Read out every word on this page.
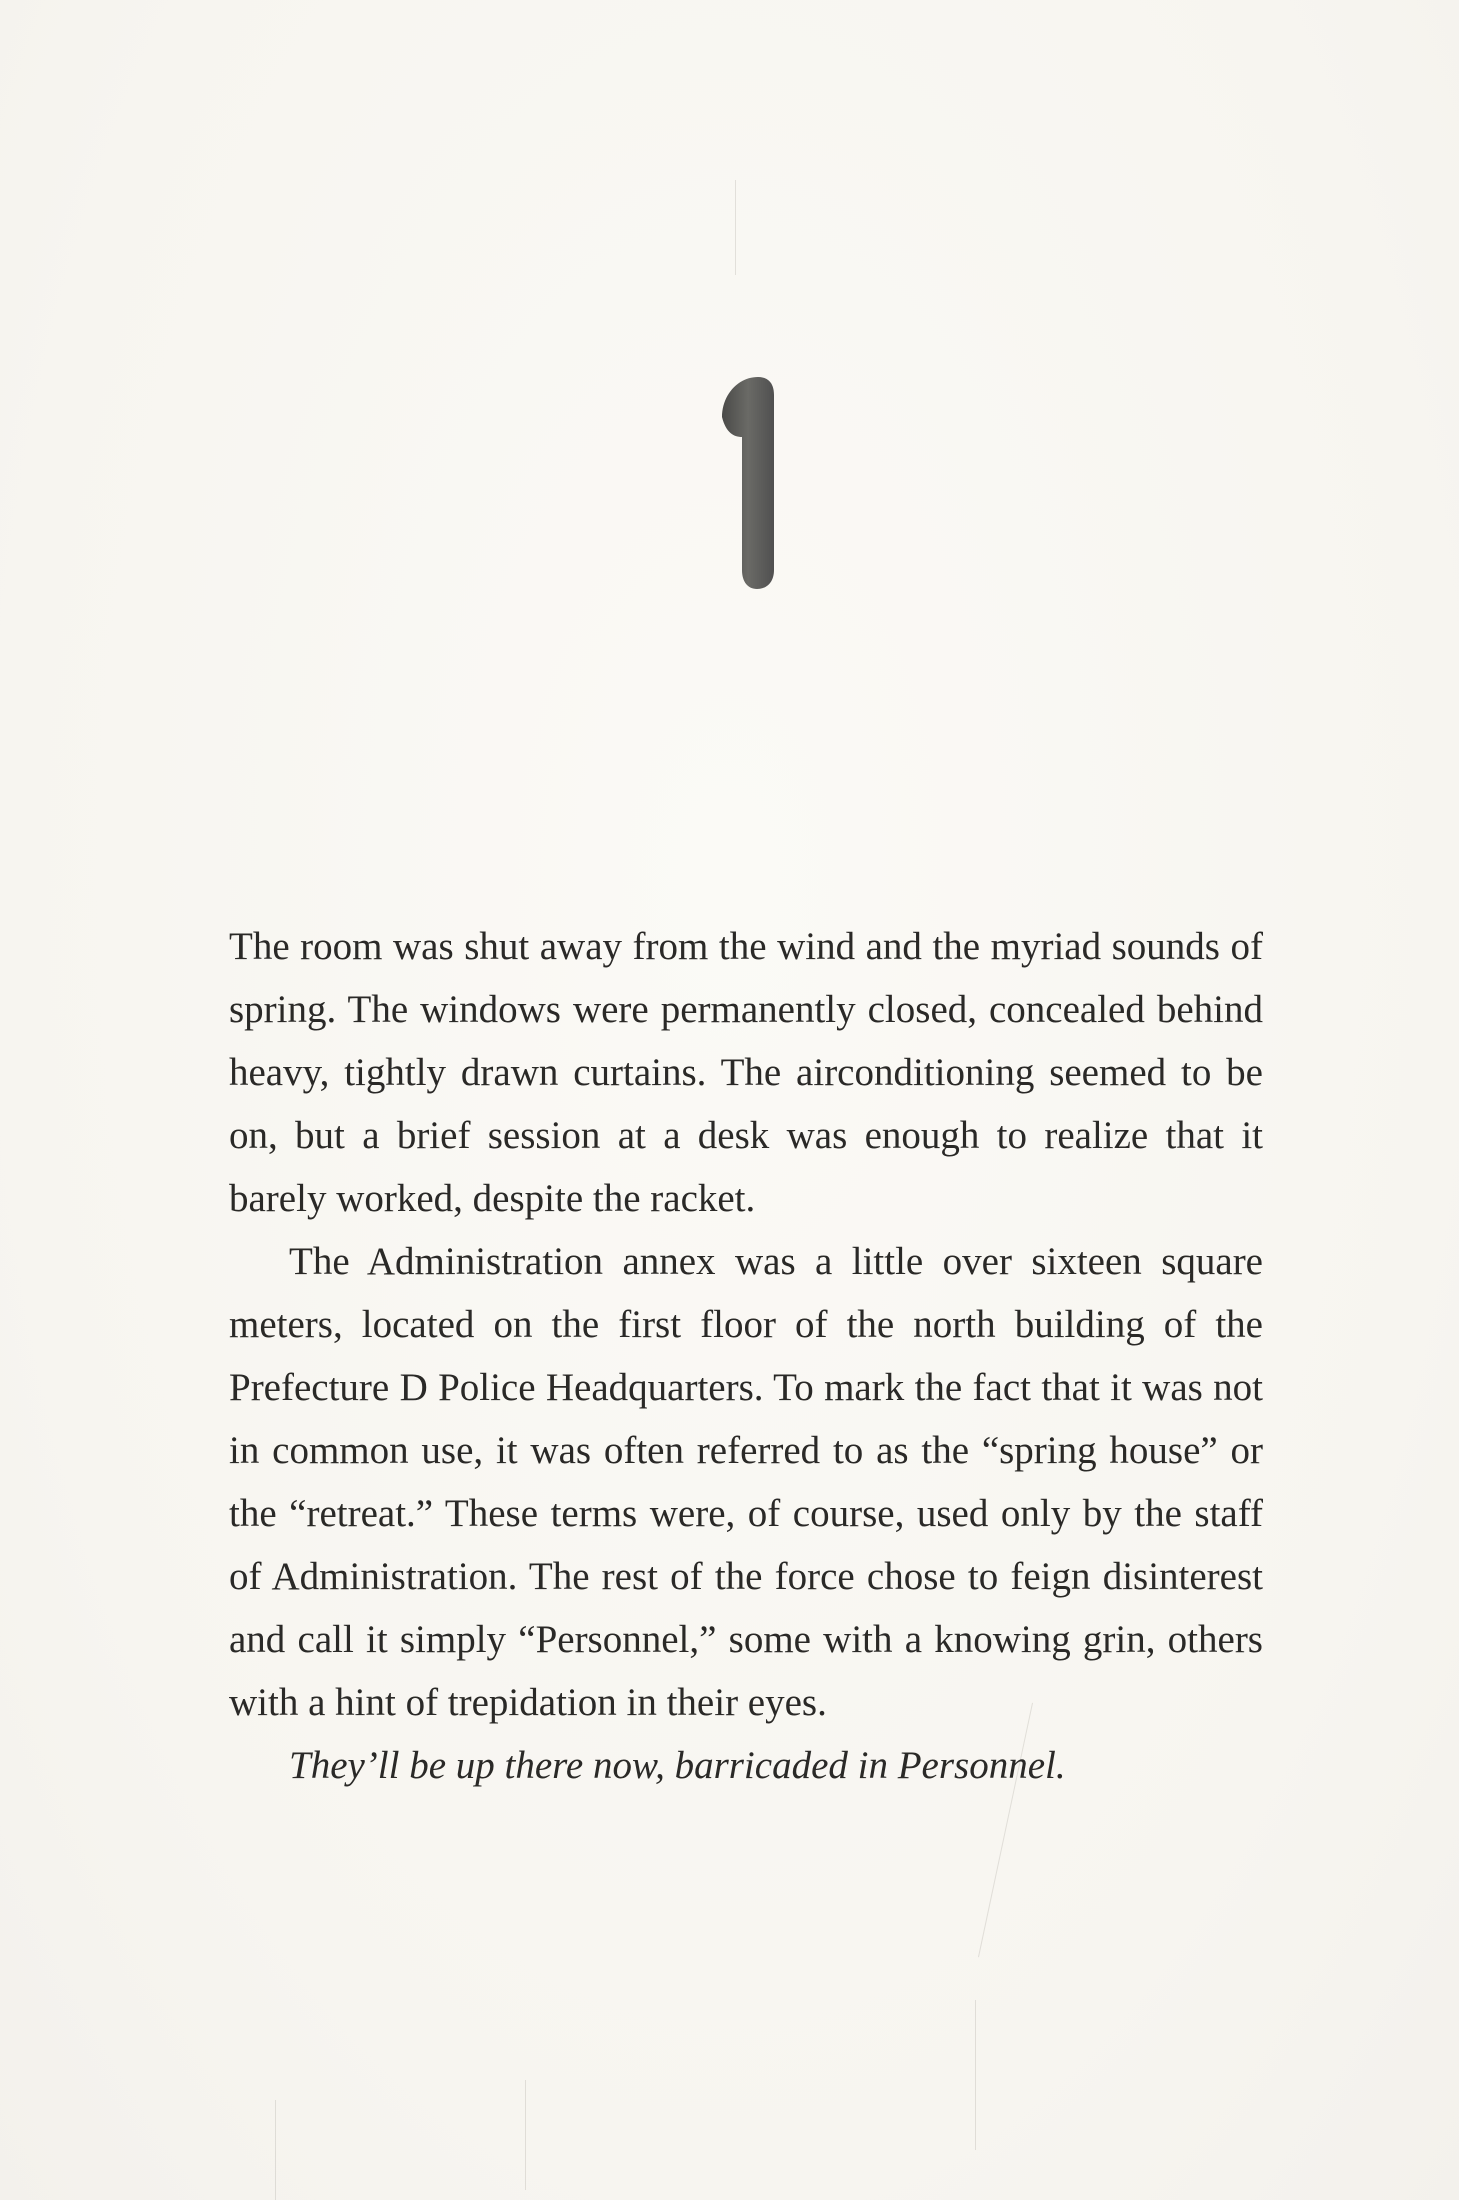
The room was shut away from the wind and the myriad sounds of spring. The windows were permanently closed, concealed behind heavy, tightly drawn curtains. The airconditioning seemed to be on, but a brief session at a desk was enough to realize that it barely worked, despite the racket.

The Administration annex was a little over sixteen square meters, located on the first floor of the north building of the Prefecture D Police Headquarters. To mark the fact that it was not in common use, it was often referred to as the “spring house” or the “retreat.” These terms were, of course, used only by the staff of Administration. The rest of the force chose to feign disinterest and call it simply “Personnel,” some with a knowing grin, others with a hint of trepidation in their eyes.

They’ll be up there now, barricaded in Personnel.
